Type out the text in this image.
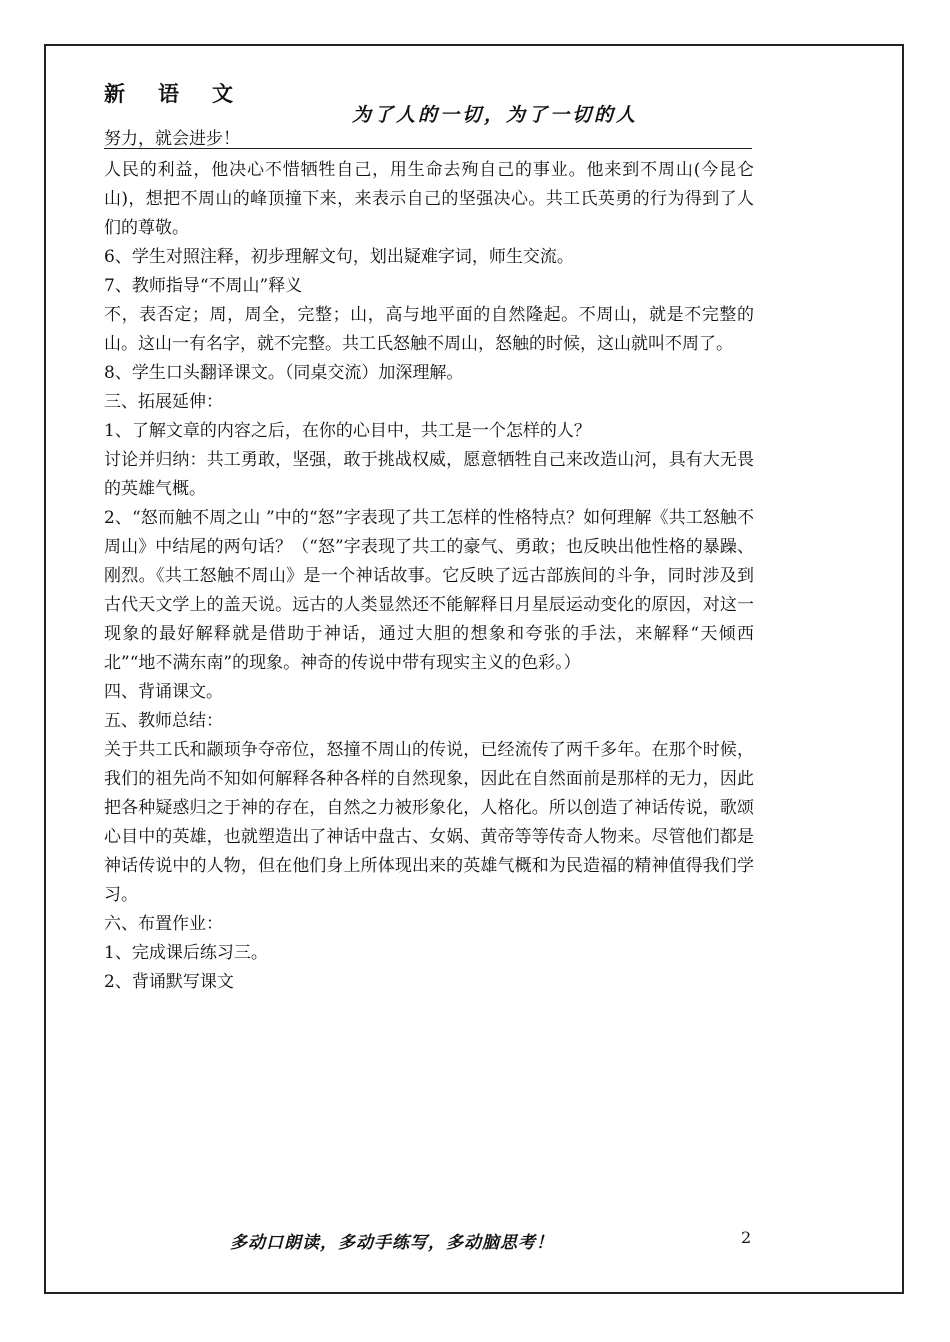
新语文
努力，就会进步！
为了人的一切，为了一切的人

人民的利益，他决心不惜牺牲自己，用生命去殉自己的事业。他来到不周山(今昆仑山)，想把不周山的峰顶撞下来，来表示自己的坚强决心。共工氏英勇的行为得到了人们的尊敬。

6、学生对照注释，初步理解文句，划出疑难字词，师生交流。

7、教师指导“不周山”释义

不，表否定；周，周全，完整；山，高与地平面的自然隆起。不周山，就是不完整的山。这山一有名字，就不完整。共工氏怒触不周山，怒触的时候，这山就叫不周了。

8、学生口头翻译课文。（同桌交流）加深理解。

三、拓展延伸：

1、了解文章的内容之后，在你的心目中，共工是一个怎样的人？

讨论并归纳：共工勇敢，坚强，敢于挑战权威，愿意牺牲自己来改造山河，具有大无畏的英雄气概。

2、“怒而触不周之山 ”中的“怒”字表现了共工怎样的性格特点？如何理解《共工怒触不周山》中结尾的两句话？（“怒”字表现了共工的豪气、勇敢；也反映出他性格的暴躁、刚烈。《共工怒触不周山》是一个神话故事。它反映了远古部族间的斗争，同时涉及到古代天文学上的盖天说。远古的人类显然还不能解释日月星辰运动变化的原因，对这一现象的最好解释就是借助于神话，通过大胆的想象和夸张的手法，来解释“天倾西北”“地不满东南”的现象。神奇的传说中带有现实主义的色彩。）

四、背诵课文。

五、教师总结：

关于共工氏和颛顼争夺帝位，怒撞不周山的传说，已经流传了两千多年。在那个时候，我们的祖先尚不知如何解释各种各样的自然现象，因此在自然面前是那样的无力，因此把各种疑惑归之于神的存在，自然之力被形象化，人格化。所以创造了神话传说，歌颂心目中的英雄，也就塑造出了神话中盘古、女娲、黄帝等等传奇人物来。尽管他们都是神话传说中的人物，但在他们身上所体现出来的英雄气概和为民造福的精神值得我们学习。

六、布置作业：

1、完成课后练习三。

2、背诵默写课文

多动口朗读，多动手练写，多动脑思考！	2
